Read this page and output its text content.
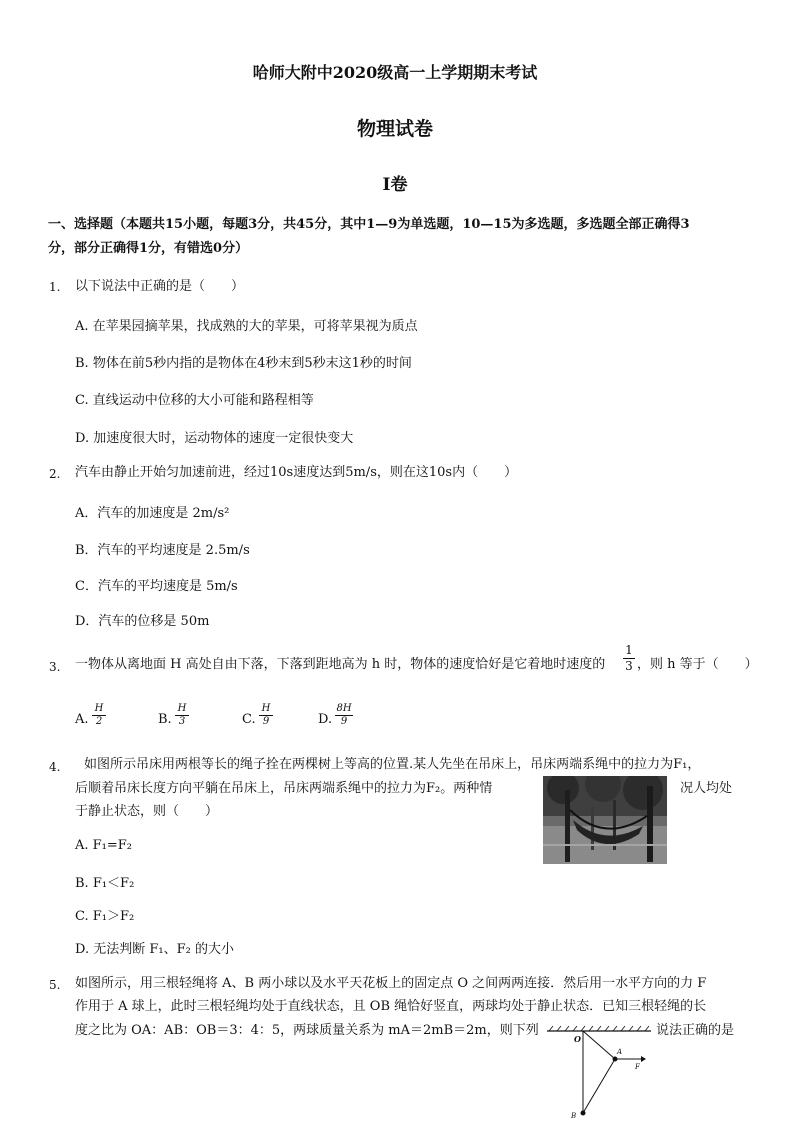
哈师大附中2020级高一上学期期末考试
物理试卷
Ⅰ卷
一、选择题（本题共15小题，每题3分，共45分，其中1—9为单选题，10—15为多选题，多选题全部正确得3
分，部分正确得1分，有错选0分）
1. 以下说法中正确的是（　　）
A. 在苹果园摘苹果，找成熟的大的苹果，可将苹果视为质点
B. 物体在前5秒内指的是物体在4秒末到5秒末这1秒的时间
C. 直线运动中位移的大小可能和路程相等
D. 加速度很大时，运动物体的速度一定很快变大
2. 汽车由静止开始匀加速前进，经过10s速度达到5m/s，则在这10s内（　　）
A．汽车的加速度是 2m/s²
B．汽车的平均速度是 2.5m/s
C．汽车的平均速度是 5m/s
D．汽车的位移是 50m
3. 一物体从离地面 H 高处自由下落，下落到距地高为 h 时，物体的速度恰好是它着地时速度的
1
3 ，则 h 等于（　　）
A.
H
2	B.
H
3	C.
H
9	D.
8H
9
4. 如图所示吊床用两根等长的绳子拴在两棵树上等高的位置.某人先坐在吊床上，吊床两端系绳中的拉力为F₁，
后顺着吊床长度方向平躺在吊床上，吊床两端系绳中的拉力为F₂。两种情	况人均处
于静止状态，则（　　）
A. F₁=F₂
B. F₁＜F₂
C. F₁＞F₂
D. 无法判断 F₁、F₂ 的大小
5. 如图所示，用三根轻绳将 A、B 两小球以及水平天花板上的固定点 O 之间两两连接．然后用一水平方向的力 F
作用于 A 球上，此时三根轻绳均处于直线状态，且 OB 绳恰好竖直，两球均处于静止状态．已知三根轻绳的长
度之比为 OA：AB：OB＝3：4：5，两球质量关系为 mA＝2mB＝2m，则下列	说法正确的是
O
A
F
B
